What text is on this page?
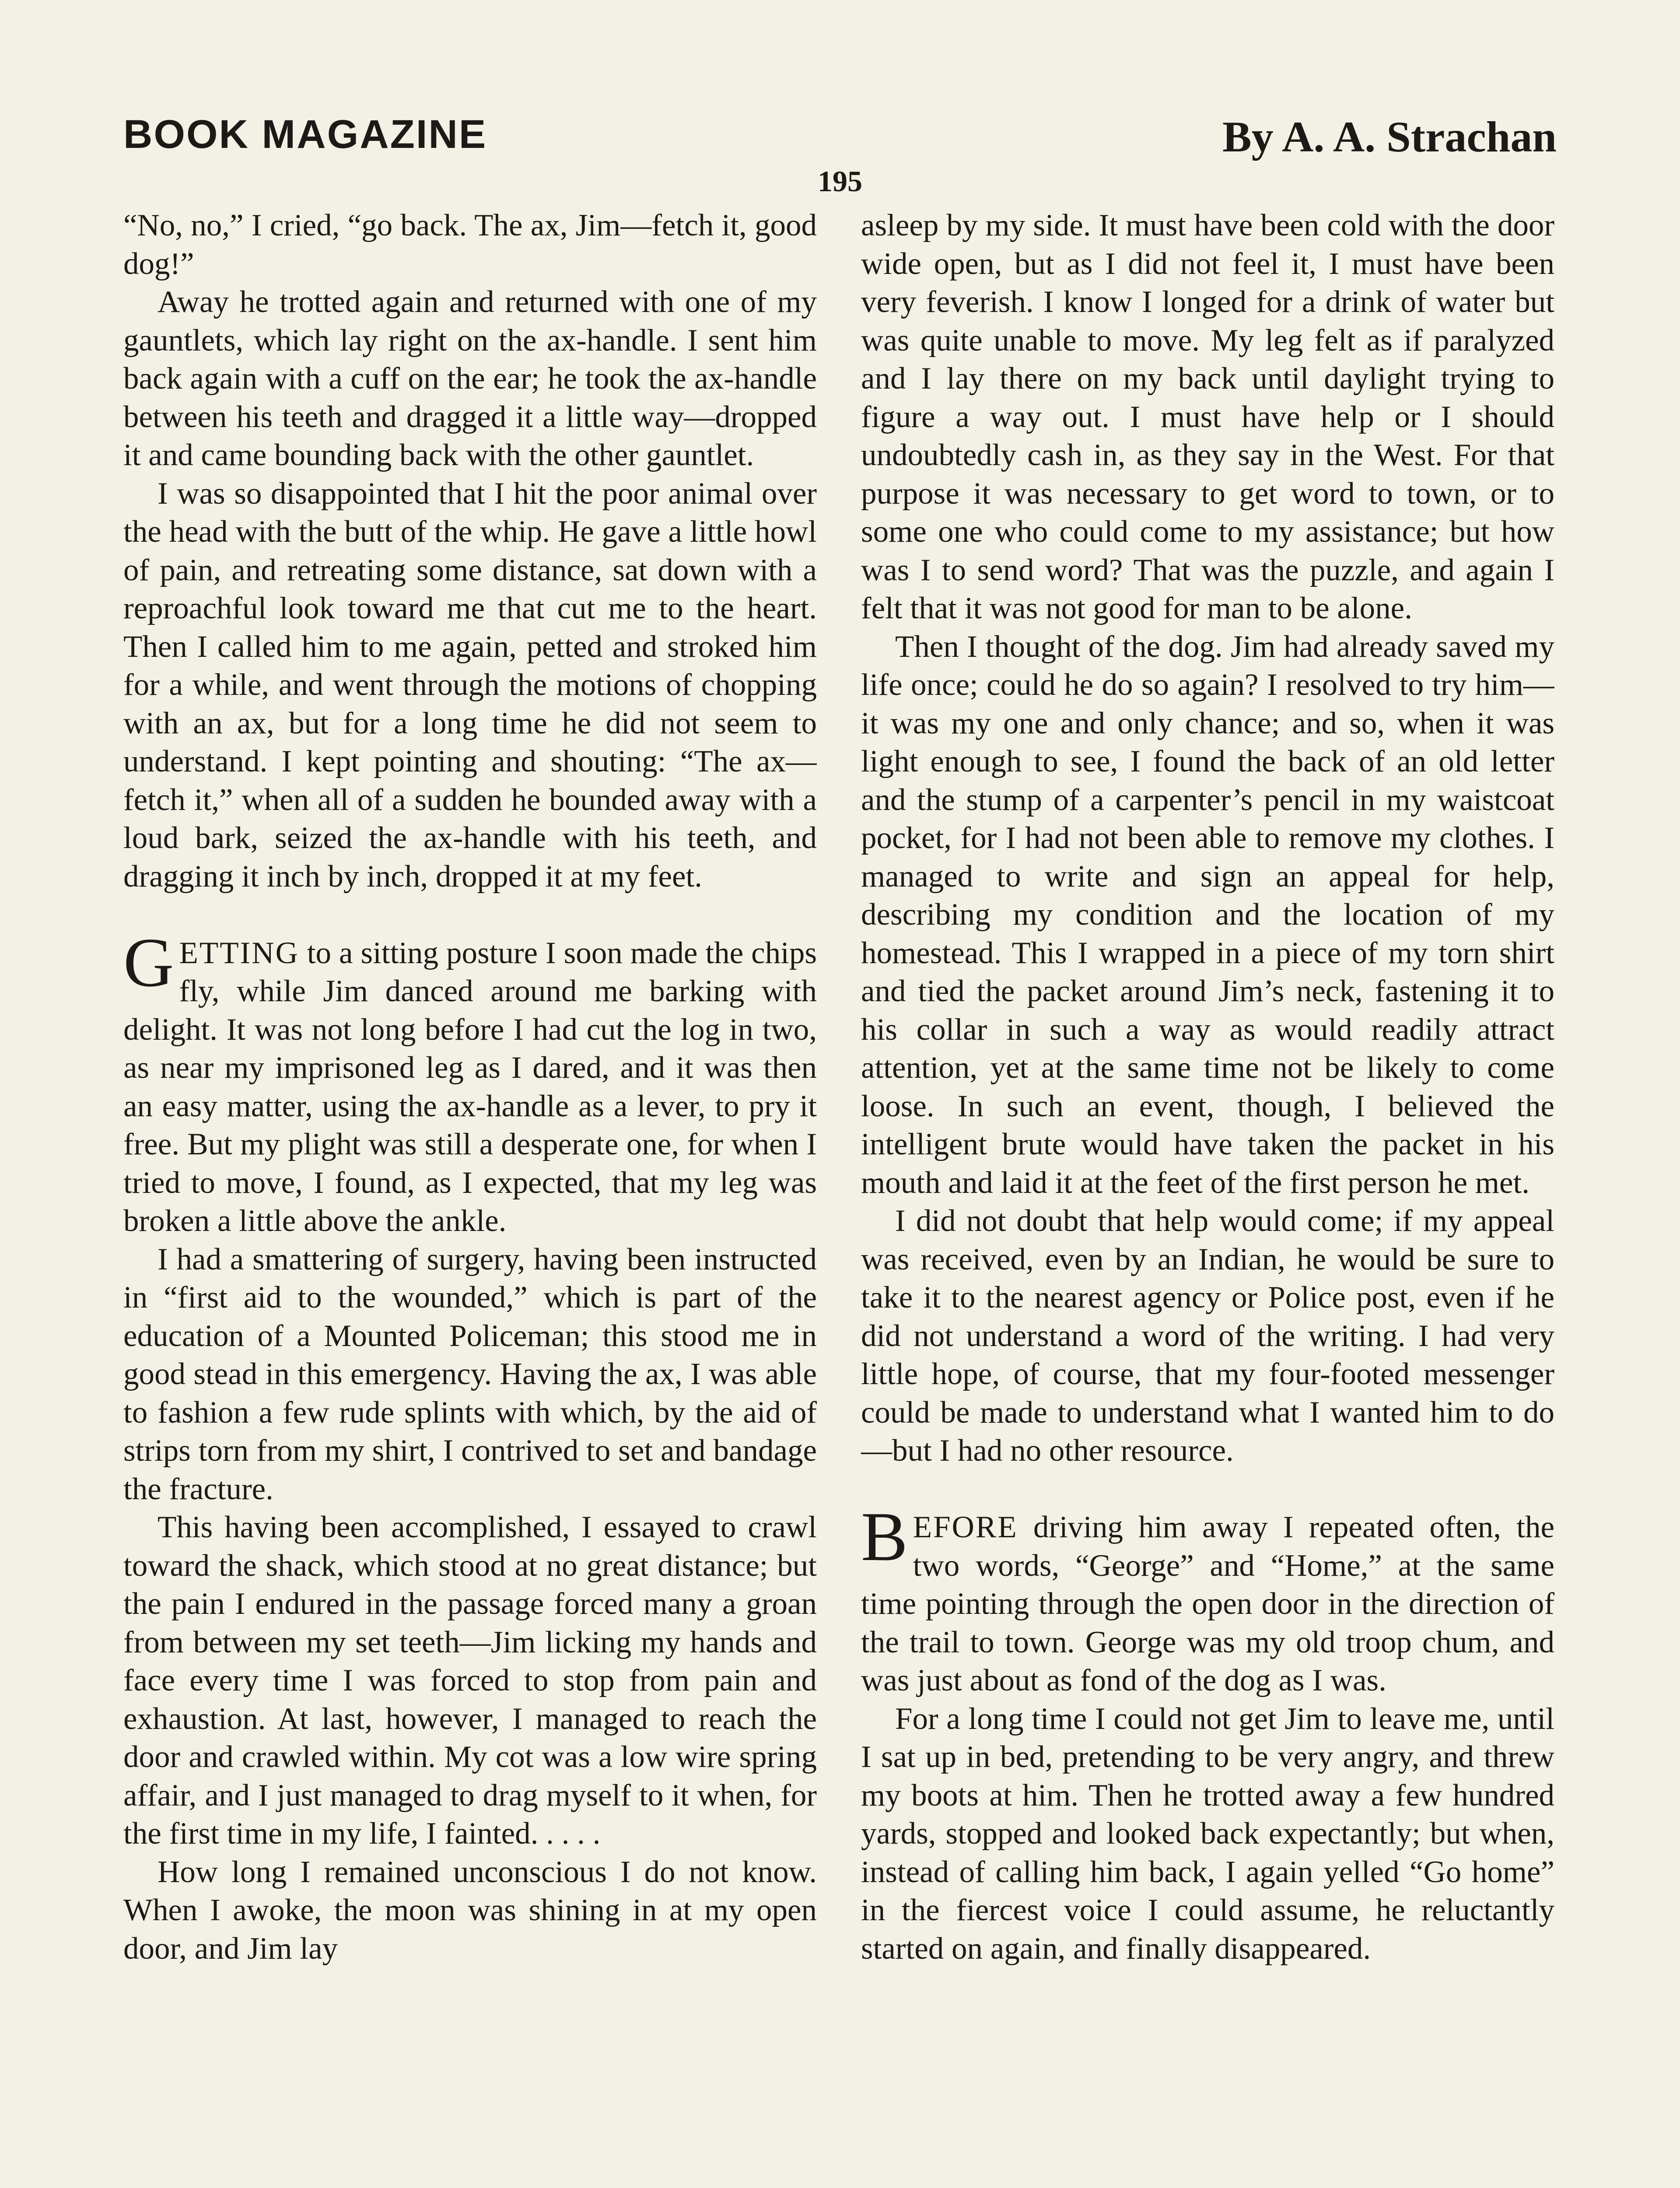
BOOK MAGAZINE	By A. A. Strachan
195

“No, no,” I cried, “go back. The ax, Jim—fetch it, good dog!”

Away he trotted again and returned with one of my gauntlets, which lay right on the ax-handle. I sent him back again with a cuff on the ear; he took the ax-handle between his teeth and dragged it a little way—dropped it and came bounding back with the other gauntlet.

I was so disappointed that I hit the poor animal over the head with the butt of the whip. He gave a little howl of pain, and retreating some distance, sat down with a reproachful look toward me that cut me to the heart. Then I called him to me again, petted and stroked him for a while, and went through the motions of chopping with an ax, but for a long time he did not seem to understand. I kept pointing and shouting: “The ax—fetch it,” when all of a sudden he bounded away with a loud bark, seized the ax-handle with his teeth, and dragging it inch by inch, dropped it at my feet.

GETTING to a sitting posture I soon made the chips fly, while Jim danced around me barking with delight. It was not long before I had cut the log in two, as near my imprisoned leg as I dared, and it was then an easy matter, using the ax-handle as a lever, to pry it free. But my plight was still a desperate one, for when I tried to move, I found, as I expected, that my leg was broken a little above the ankle.

I had a smattering of surgery, having been instructed in “first aid to the wounded,” which is part of the education of a Mounted Policeman; this stood me in good stead in this emergency. Having the ax, I was able to fashion a few rude splints with which, by the aid of strips torn from my shirt, I contrived to set and bandage the fracture.

This having been accomplished, I essayed to crawl toward the shack, which stood at no great distance; but the pain I endured in the passage forced many a groan from between my set teeth—Jim licking my hands and face every time I was forced to stop from pain and exhaustion. At last, however, I managed to reach the door and crawled within. My cot was a low wire spring affair, and I just managed to drag myself to it when, for the first time in my life, I fainted. . . . .

How long I remained unconscious I do not know. When I awoke, the moon was shining in at my open door, and Jim lay

asleep by my side. It must have been cold with the door wide open, but as I did not feel it, I must have been very feverish. I know I longed for a drink of water but was quite unable to move. My leg felt as if paralyzed and I lay there on my back until daylight trying to figure a way out. I must have help or I should undoubtedly cash in, as they say in the West. For that purpose it was necessary to get word to town, or to some one who could come to my assistance; but how was I to send word? That was the puzzle, and again I felt that it was not good for man to be alone.

Then I thought of the dog. Jim had already saved my life once; could he do so again? I resolved to try him—it was my one and only chance; and so, when it was light enough to see, I found the back of an old letter and the stump of a carpenter’s pencil in my waistcoat pocket, for I had not been able to remove my clothes. I managed to write and sign an appeal for help, describing my condition and the location of my homestead. This I wrapped in a piece of my torn shirt and tied the packet around Jim’s neck, fastening it to his collar in such a way as would readily attract attention, yet at the same time not be likely to come loose. In such an event, though, I believed the intelligent brute would have taken the packet in his mouth and laid it at the feet of the first person he met.

I did not doubt that help would come; if my appeal was received, even by an Indian, he would be sure to take it to the nearest agency or Police post, even if he did not understand a word of the writing. I had very little hope, of course, that my four-footed messenger could be made to understand what I wanted him to do—but I had no other resource.

BEFORE driving him away I repeated often, the two words, “George” and “Home,” at the same time pointing through the open door in the direction of the trail to town. George was my old troop chum, and was just about as fond of the dog as I was.

For a long time I could not get Jim to leave me, until I sat up in bed, pretending to be very angry, and threw my boots at him. Then he trotted away a few hundred yards, stopped and looked back expectantly; but when, instead of calling him back, I again yelled “Go home” in the fiercest voice I could assume, he reluctantly started on again, and finally disappeared.
